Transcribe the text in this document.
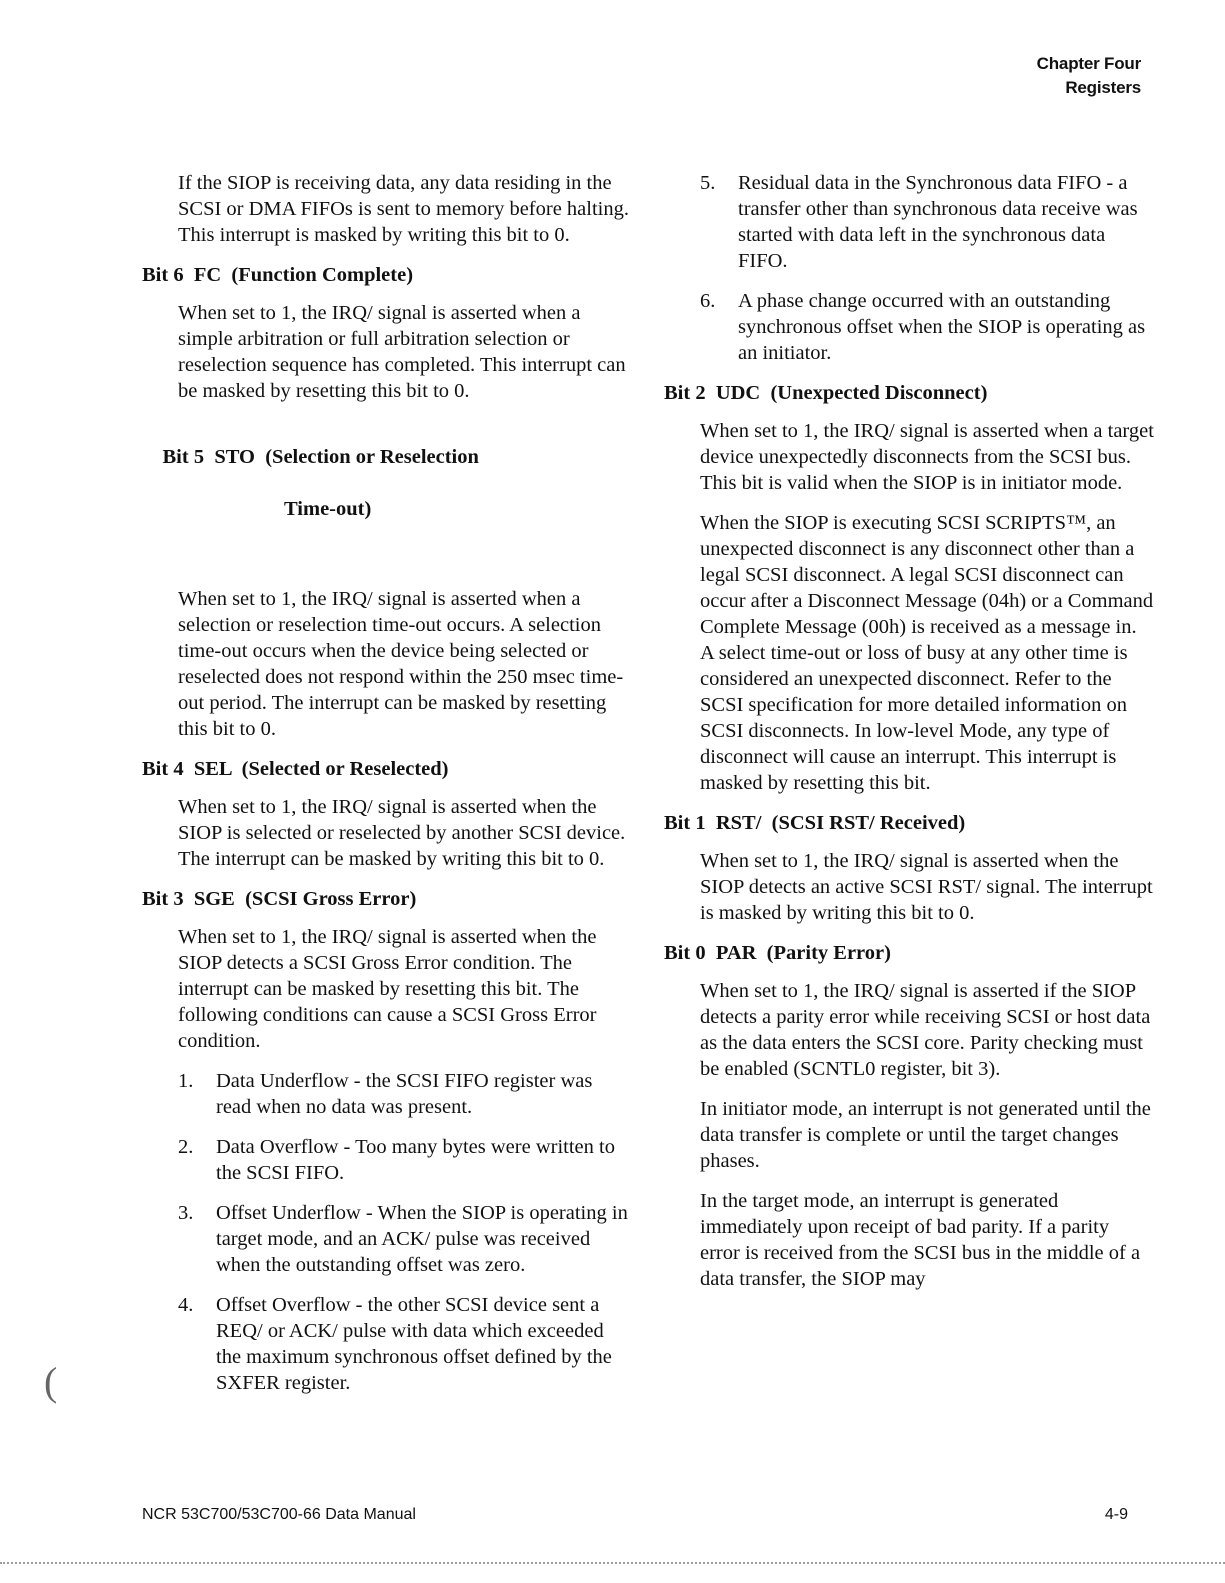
Chapter Four
Registers

If the SIOP is receiving data, any data residing in the SCSI or DMA FIFOs is sent to memory before halting. This interrupt is masked by writing this bit to 0.

Bit 6  FC  (Function Complete)

When set to 1, the IRQ/ signal is asserted when a simple arbitration or full arbitration selection or reselection sequence has completed. This interrupt can be masked by resetting this bit to 0.

Bit 5  STO  (Selection or Reselection

Time-out)

When set to 1, the IRQ/ signal is asserted when a selection or reselection time-out occurs. A selection time-out occurs when the device being selected or reselected does not respond within the 250 msec time-out period. The interrupt can be masked by resetting this bit to 0.

Bit 4  SEL  (Selected or Reselected)

When set to 1, the IRQ/ signal is asserted when the SIOP is selected or reselected by another SCSI device. The interrupt can be masked by writing this bit to 0.

Bit 3  SGE  (SCSI Gross Error)

When set to 1, the IRQ/ signal is asserted when the SIOP detects a SCSI Gross Error condition. The interrupt can be masked by resetting this bit. The following conditions can cause a SCSI Gross Error condition.

1. Data Underflow - the SCSI FIFO register was read when no data was present.
2. Data Overflow - Too many bytes were written to the SCSI FIFO.
3. Offset Underflow - When the SIOP is operating in target mode, and an ACK/ pulse was received when the outstanding offset was zero.
4. Offset Overflow - the other SCSI device sent a REQ/ or ACK/ pulse with data which exceeded the maximum synchronous offset defined by the SXFER register.
5. Residual data in the Synchronous data FIFO - a transfer other than synchronous data receive was started with data left in the synchronous data FIFO.
6. A phase change occurred with an outstanding synchronous offset when the SIOP is operating as an initiator.
Bit 2  UDC  (Unexpected Disconnect)

When set to 1, the IRQ/ signal is asserted when a target device unexpectedly disconnects from the SCSI bus. This bit is valid when the SIOP is in initiator mode.

When the SIOP is executing SCSI SCRIPTS™, an unexpected disconnect is any disconnect other than a legal SCSI disconnect. A legal SCSI disconnect can occur after a Disconnect Message (04h) or a Command Complete Message (00h) is received as a message in. A select time-out or loss of busy at any other time is considered an unexpected disconnect. Refer to the SCSI specification for more detailed information on SCSI disconnects. In low-level Mode, any type of disconnect will cause an interrupt. This interrupt is masked by resetting this bit.

Bit 1  RST/  (SCSI RST/ Received)

When set to 1, the IRQ/ signal is asserted when the SIOP detects an active SCSI RST/ signal. The interrupt is masked by writing this bit to 0.

Bit 0  PAR  (Parity Error)

When set to 1, the IRQ/ signal is asserted if the SIOP detects a parity error while receiving SCSI or host data as the data enters the SCSI core. Parity checking must be enabled (SCNTL0 register, bit 3).

In initiator mode, an interrupt is not generated until the data transfer is complete or until the target changes phases.

In the target mode, an interrupt is generated immediately upon receipt of bad parity. If a parity error is received from the SCSI bus in the middle of a data transfer, the SIOP may

NCR 53C700/53C700-66 Data Manual	4-9
(
